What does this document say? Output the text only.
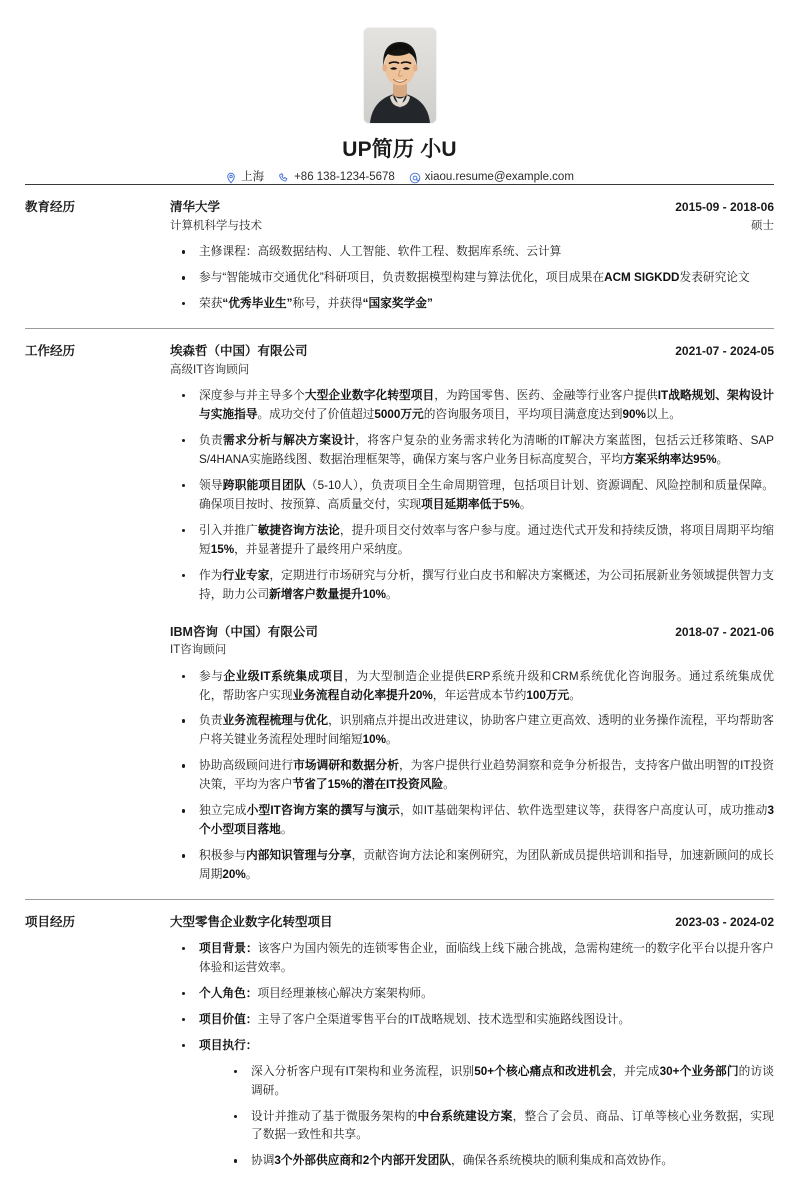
UP简历 小U
上海	+86 138-1234-5678	xiaou.resume@example.com
教育经历	清华大学	2015-09 - 2018-06
计算机科学与技术	硕士
主修课程：高级数据结构、人工智能、软件工程、数据库系统、云计算
参与“智能城市交通优化”科研项目，负责数据模型构建与算法优化，项目成果在ACM SIGKDD发表研究论文
荣获“优秀毕业生”称号，并获得“国家奖学金”
工作经历	埃森哲（中国）有限公司	2021-07 - 2024-05
高级IT咨询顾问
深度参与并主导多个大型企业数字化转型项目，为跨国零售、医药、金融等行业客户提供IT战略规划、架构设计与实施指导。成功交付了价值超过5000万元的咨询服务项目，平均项目满意度达到90%以上。
负责需求分析与解决方案设计，将客户复杂的业务需求转化为清晰的IT解决方案蓝图，包括云迁移策略、SAP S/4HANA实施路线图、数据治理框架等，确保方案与客户业务目标高度契合，平均方案采纳率达95%。
领导跨职能项目团队（5-10人），负责项目全生命周期管理，包括项目计划、资源调配、风险控制和质量保障。确保项目按时、按预算、高质量交付，实现项目延期率低于5%。
引入并推广敏捷咨询方法论，提升项目交付效率与客户参与度。通过迭代式开发和持续反馈，将项目周期平均缩短15%，并显著提升了最终用户采纳度。
作为行业专家，定期进行市场研究与分析，撰写行业白皮书和解决方案概述，为公司拓展新业务领域提供智力支持，助力公司新增客户数量提升10%。
IBM咨询（中国）有限公司	2018-07 - 2021-06
IT咨询顾问
参与企业级IT系统集成项目，为大型制造企业提供ERP系统升级和CRM系统优化咨询服务。通过系统集成优化，帮助客户实现业务流程自动化率提升20%，年运营成本节约100万元。
负责业务流程梳理与优化，识别痛点并提出改进建议，协助客户建立更高效、透明的业务操作流程，平均帮助客户将关键业务流程处理时间缩短10%。
协助高级顾问进行市场调研和数据分析，为客户提供行业趋势洞察和竞争分析报告，支持客户做出明智的IT投资决策，平均为客户节省了15%的潜在IT投资风险。
独立完成小型IT咨询方案的撰写与演示，如IT基础架构评估、软件选型建议等，获得客户高度认可，成功推动3个小型项目落地。
积极参与内部知识管理与分享，贡献咨询方法论和案例研究，为团队新成员提供培训和指导，加速新顾问的成长周期20%。
项目经历	大型零售企业数字化转型项目	2023-03 - 2024-02
项目背景：该客户为国内领先的连锁零售企业，面临线上线下融合挑战，急需构建统一的数字化平台以提升客户体验和运营效率。
个人角色：项目经理兼核心解决方案架构师。
项目价值：主导了客户全渠道零售平台的IT战略规划、技术选型和实施路线图设计。
项目执行：
深入分析客户现有IT架构和业务流程，识别50+个核心痛点和改进机会，并完成30+个业务部门的访谈调研。
设计并推动了基于微服务架构的中台系统建设方案，整合了会员、商品、订单等核心业务数据，实现了数据一致性和共享。
协调3个外部供应商和2个内部开发团队，确保各系统模块的顺利集成和高效协作。
